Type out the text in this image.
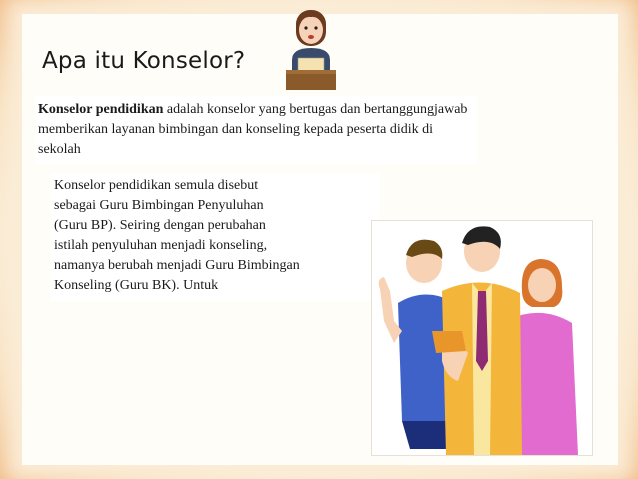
Apa itu Konselor?
Konselor pendidikan adalah konselor yang bertugas dan bertanggungjawab memberikan layanan bimbingan dan konseling kepada peserta didik di sekolah
Konselor pendidikan semula disebut
sebagai Guru Bimbingan Penyuluhan
(Guru BP). Seiring dengan perubahan
istilah penyuluhan menjadi konseling,
namanya berubah menjadi Guru Bimbingan
Konseling (Guru BK). Untuk
